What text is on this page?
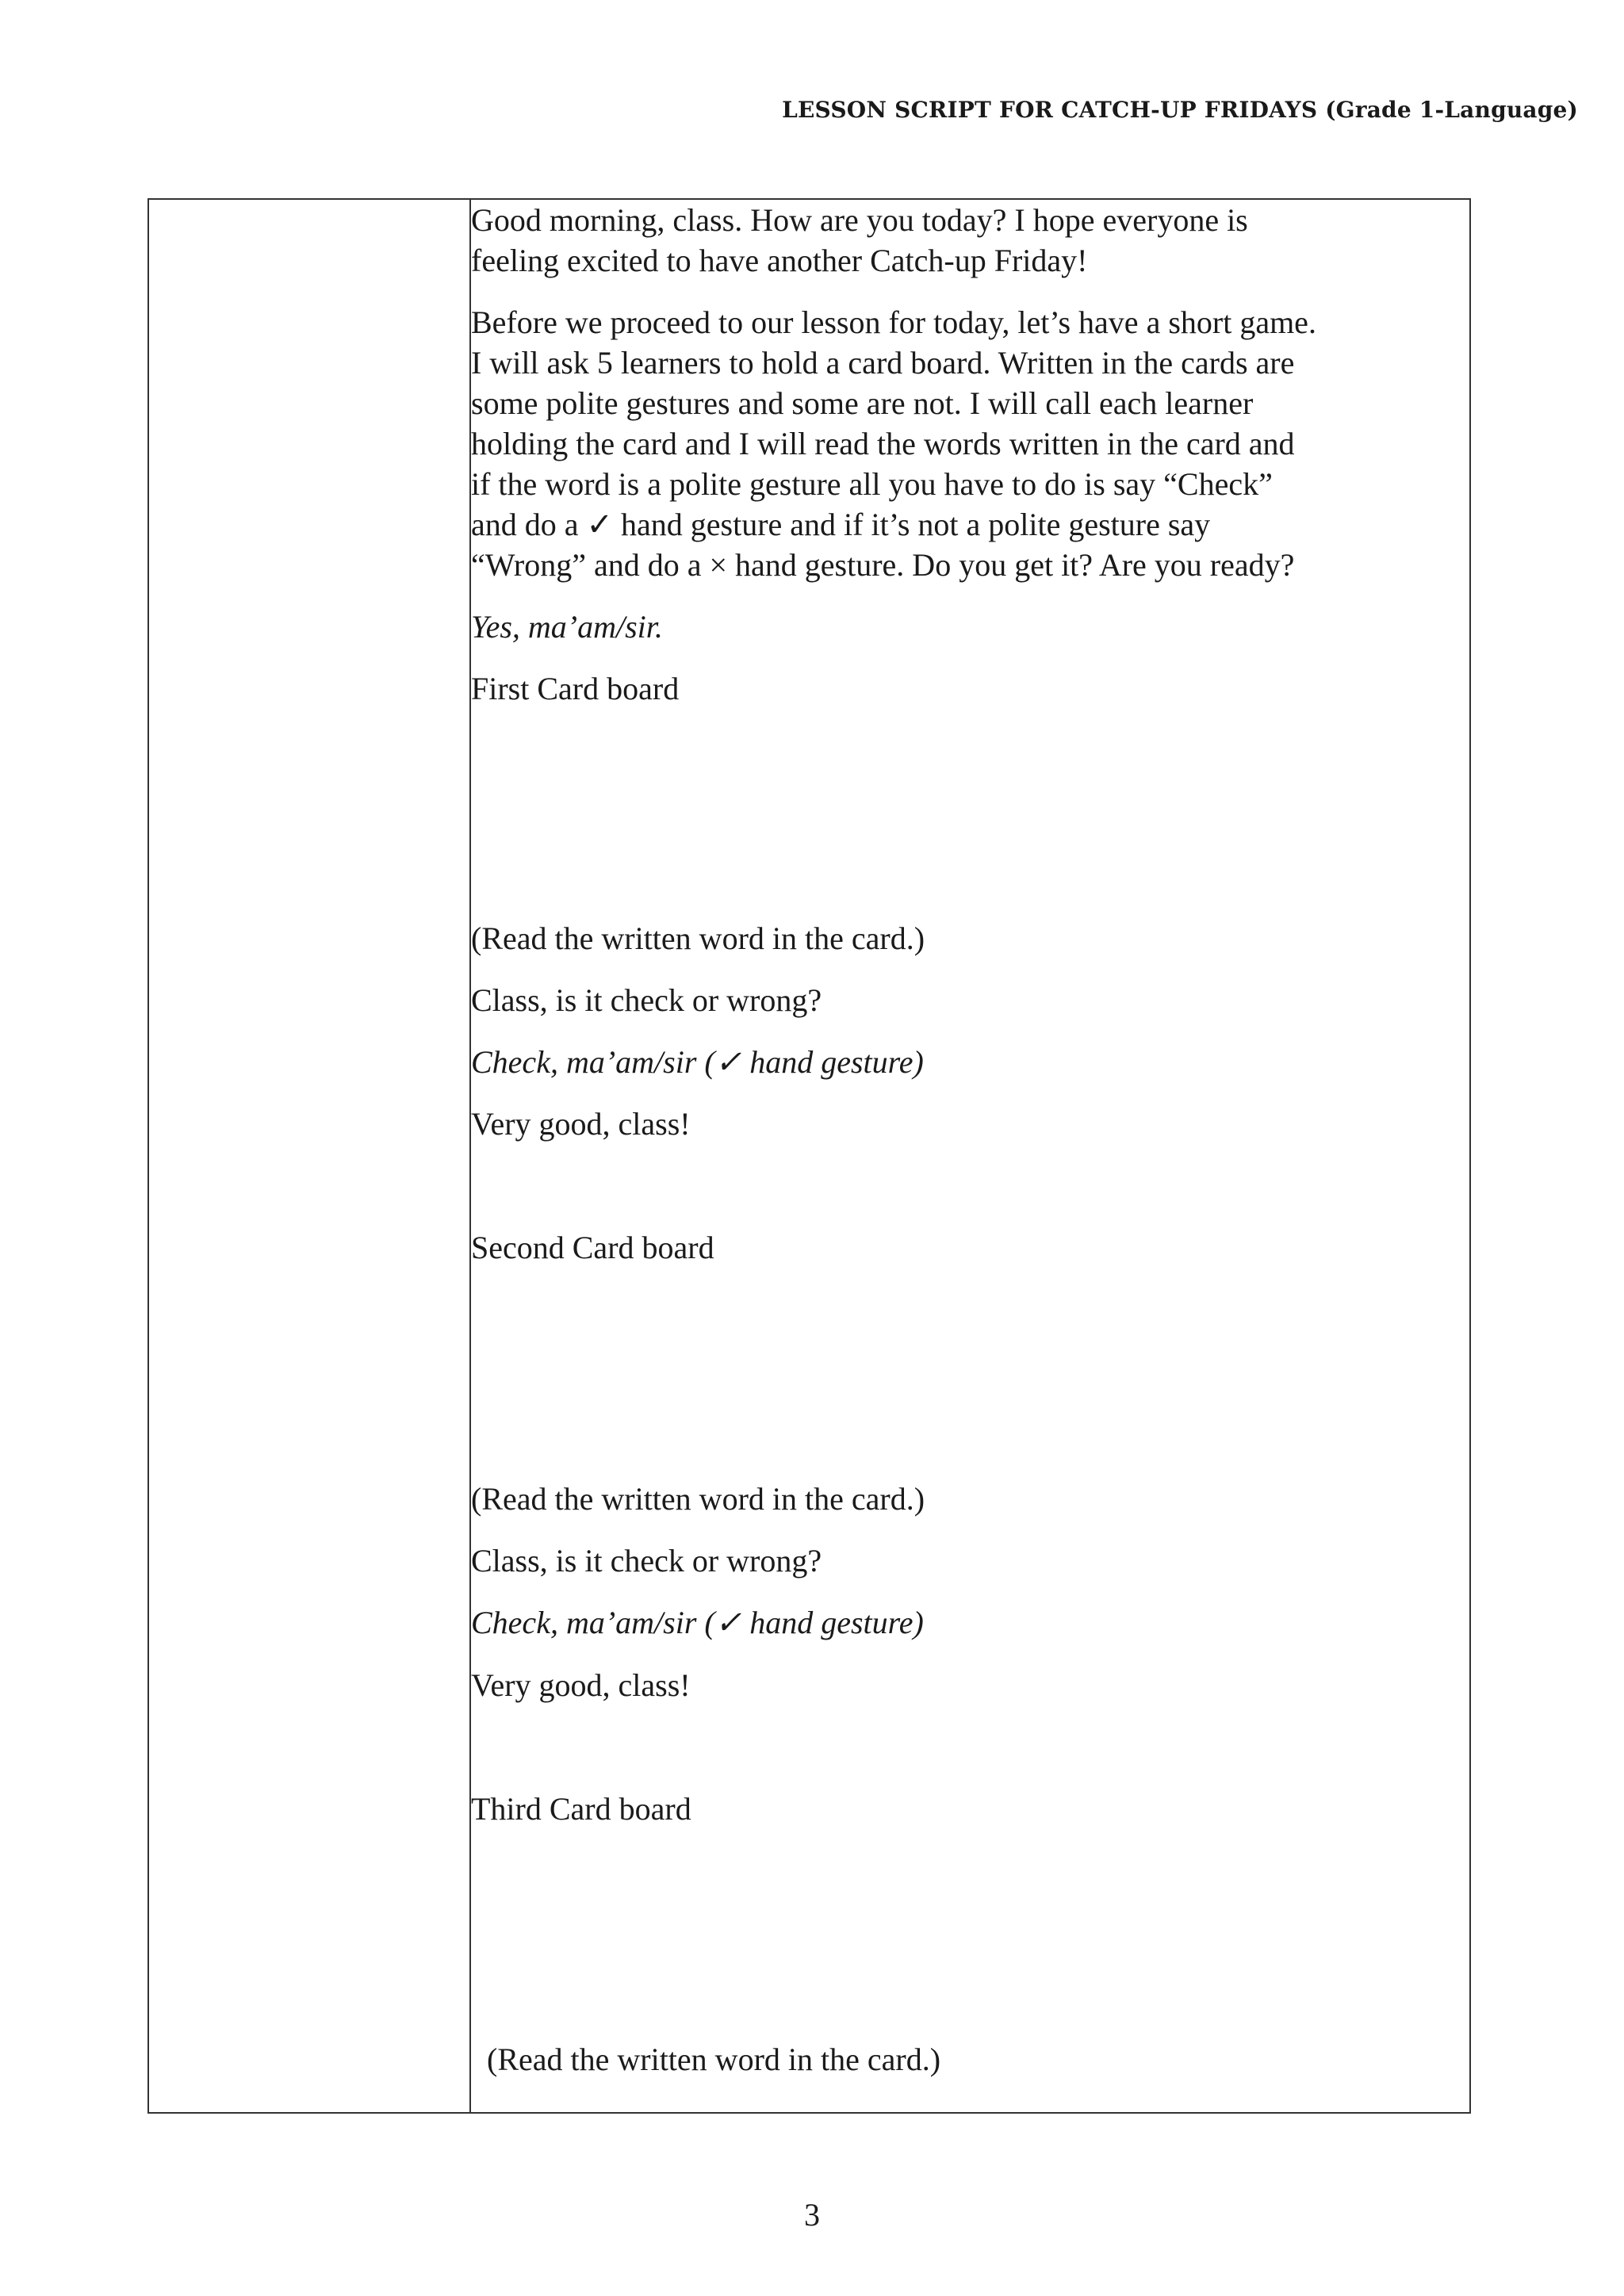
LESSON SCRIPT FOR CATCH-UP FRIDAYS (Grade 1-Language)
Good morning, class. How are you today? I hope everyone is
feeling excited to have another Catch-up Friday!
Before we proceed to our lesson for today, let’s have a short game.
I will ask 5 learners to hold a card board. Written in the cards are
some polite gestures and some are not. I will call each learner
holding the card and I will read the words written in the card and
if the word is a polite gesture all you have to do is say “Check”
and do a ✓ hand gesture and if it’s not a polite gesture say
“Wrong” and do a × hand gesture. Do you get it? Are you ready?
Yes, ma’am/sir.
First Card board
(Read the written word in the card.)
Class, is it check or wrong?
Check, ma’am/sir (✓ hand gesture)
Very good, class!
Second Card board
(Read the written word in the card.)
Class, is it check or wrong?
Check, ma’am/sir (✓ hand gesture)
Very good, class!
Third Card board
(Read the written word in the card.)
3
